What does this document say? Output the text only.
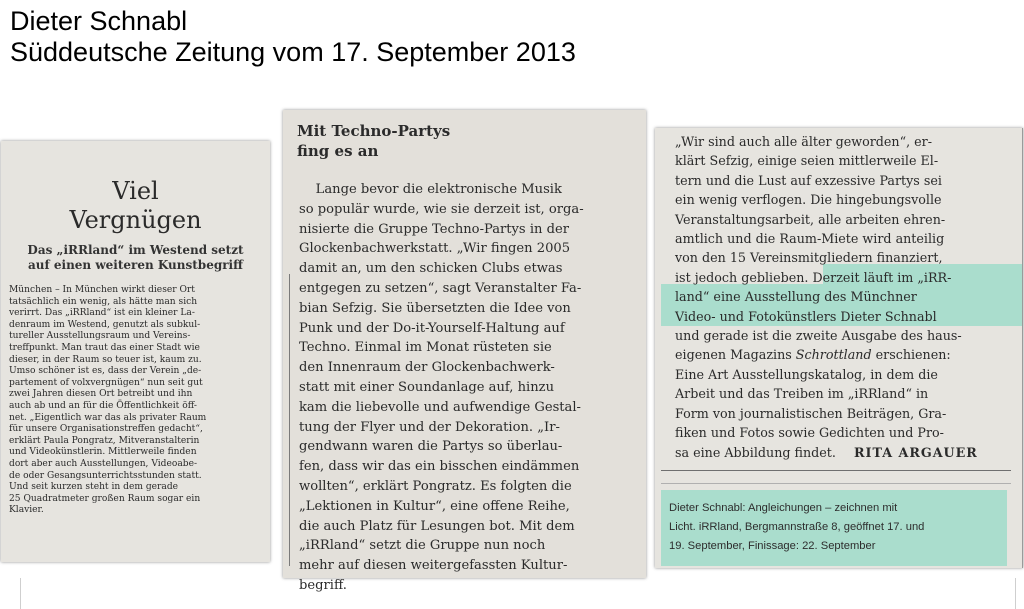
Dieter Schnabl
Süddeutsche Zeitung vom 17. September 2013
Viel
Vergnügen
Das „iRRland“ im Westend setzt
auf einen weiteren Kunstbegriff
München – In München wirkt dieser Ort
tatsächlich ein wenig, als hätte man sich
verirrt. Das „iRRland“ ist ein kleiner La-
denraum im Westend, genutzt als subkul-
tureller Ausstellungsraum und Vereins-
treffpunkt. Man traut das einer Stadt wie
dieser, in der Raum so teuer ist, kaum zu.
Umso schöner ist es, dass der Verein „de-
partement of volxvergnügen“ nun seit gut
zwei Jahren diesen Ort betreibt und ihn
auch ab und an für die Öffentlichkeit öff-
net. „Eigentlich war das als privater Raum
für unsere Organisationstreffen gedacht“,
erklärt Paula Pongratz, Mitveranstalterin
und Videokünstlerin. Mittlerweile finden
dort aber auch Ausstellungen, Videoabe-
de oder Gesangsunterrichtsstunden statt.
Und seit kurzen steht in dem gerade
25 Quadratmeter großen Raum sogar ein
Klavier.
Mit Techno-Partys
fing es an
Lange bevor die elektronische Musik
so populär wurde, wie sie derzeit ist, orga-
nisierte die Gruppe Techno-Partys in der
Glockenbachwerkstatt. „Wir fingen 2005
damit an, um den schicken Clubs etwas
entgegen zu setzen“, sagt Veranstalter Fa-
bian Sefzig. Sie übersetzten die Idee von
Punk und der Do-it-Yourself-Haltung auf
Techno. Einmal im Monat rüsteten sie
den Innenraum der Glockenbachwerk-
statt mit einer Soundanlage auf, hinzu
kam die liebevolle und aufwendige Gestal-
tung der Flyer und der Dekoration. „Ir-
gendwann waren die Partys so überlau-
fen, dass wir das ein bisschen eindämmen
wollten“, erklärt Pongratz. Es folgten die
„Lektionen in Kultur“, eine offene Reihe,
die auch Platz für Lesungen bot. Mit dem
„iRRland“ setzt die Gruppe nun noch
mehr auf diesen weitergefassten Kultur-
begriff.
„Wir sind auch alle älter geworden“, er-
klärt Sefzig, einige seien mittlerweile El-
tern und die Lust auf exzessive Partys sei
ein wenig verflogen. Die hingebungsvolle
Veranstaltungsarbeit, alle arbeiten ehren-
amtlich und die Raum-Miete wird anteilig
von den 15 Vereinsmitgliedern finanziert,
ist jedoch geblieben. Derzeit läuft im „iRR-
land“ eine Ausstellung des Münchner
Video- und Fotokünstlers Dieter Schnabl
und gerade ist die zweite Ausgabe des haus-
eigenen Magazins Schrottland erschienen:
Eine Art Ausstellungskatalog, in dem die
Arbeit und das Treiben im „iRRland“ in
Form von journalistischen Beiträgen, Gra-
fiken und Fotos sowie Gedichten und Pro-
sa eine Abbildung findet. RITA ARGAUER
Dieter Schnabl: Angleichungen – zeichnen mit
Licht. iRRland, Bergmannstraße 8, geöffnet 17. und
19. September, Finissage: 22. September
